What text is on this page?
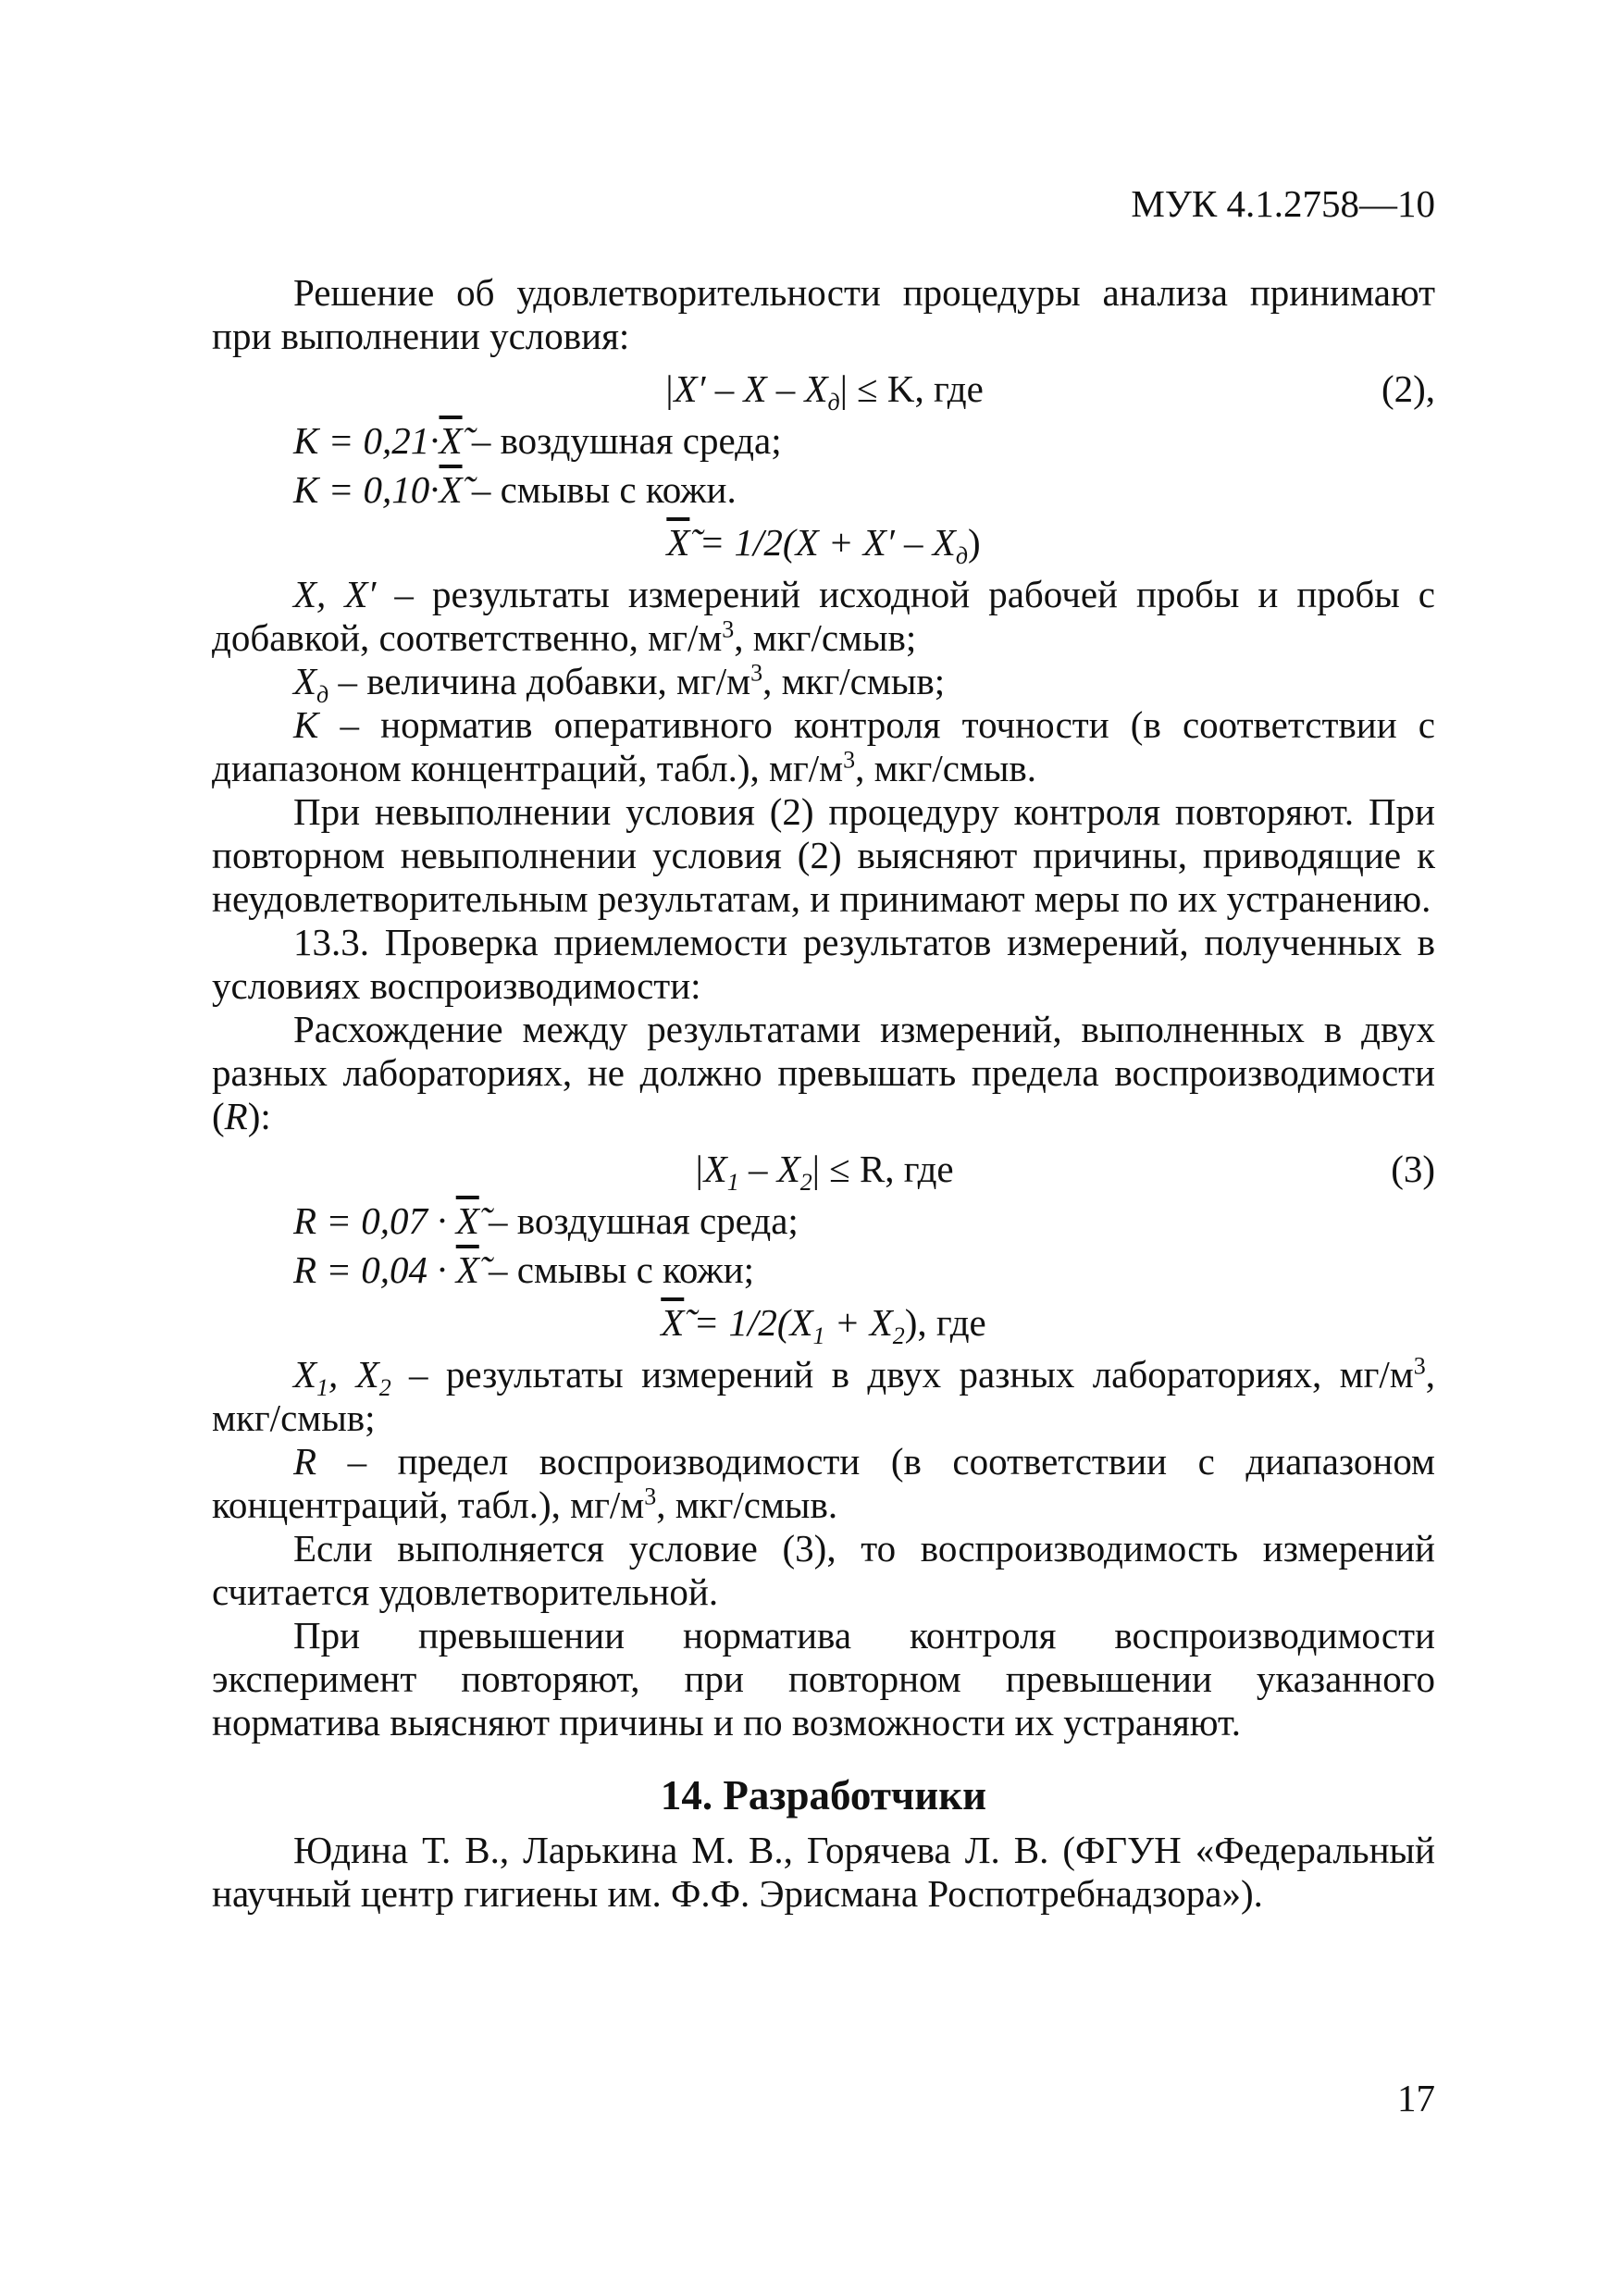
МУК 4.1.2758—10

Решение об удовлетворительности процедуры анализа принимают при выполнении условия:

$|X' - X - X_д| \le K$, где	(2),
K = 0,21·Х̃ – воздушная среда;
K = 0,10·Х̃ – смывы с кожи.
Х̃ = $1/2(X + X' - X_д)$

X, X′ – результаты измерений исходной рабочей пробы и пробы с добавкой, соответственно, $мг/м^3$, мкг/смыв;

$X_д$ – величина добавки, $мг/м^3$, мкг/смыв;

K – норматив оперативного контроля точности (в соответствии с диапазоном концентраций, табл.), $мг/м^3$, мкг/смыв.

При невыполнении условия (2) процедуру контроля повторяют. При повторном невыполнении условия (2) выясняют причины, приводящие к неудовлетворительным результатам, и принимают меры по их устранению.

13.3. Проверка приемлемости результатов измерений, полученных в условиях воспроизводимости:

Расхождение между результатами измерений, выполненных в двух разных лабораториях, не должно превышать предела воспроизводимости (R):

$|X_1 - X_2| \le R$, где	(3)
R = 0,07 · Х̃ – воздушная среда;
R = 0,04 · Х̃ – смывы с кожи;
Х̃ = $1/2(X_1 + X_2)$, где

$X_1$, $X_2$ – результаты измерений в двух разных лабораториях, $мг/м^3$, мкг/смыв;

R – предел воспроизводимости (в соответствии с диапазоном концентраций, табл.), $мг/м^3$, мкг/смыв.

Если выполняется условие (3), то воспроизводимость измерений считается удовлетворительной.

При превышении норматива контроля воспроизводимости эксперимент повторяют, при повторном превышении указанного норматива выясняют причины и по возможности их устраняют.

14. Разработчики

Юдина Т. В., Ларькина М. В., Горячева Л. В. (ФГУН «Федеральный научный центр гигиены им. Ф.Ф. Эрисмана Роспотребнадзора»).

17
